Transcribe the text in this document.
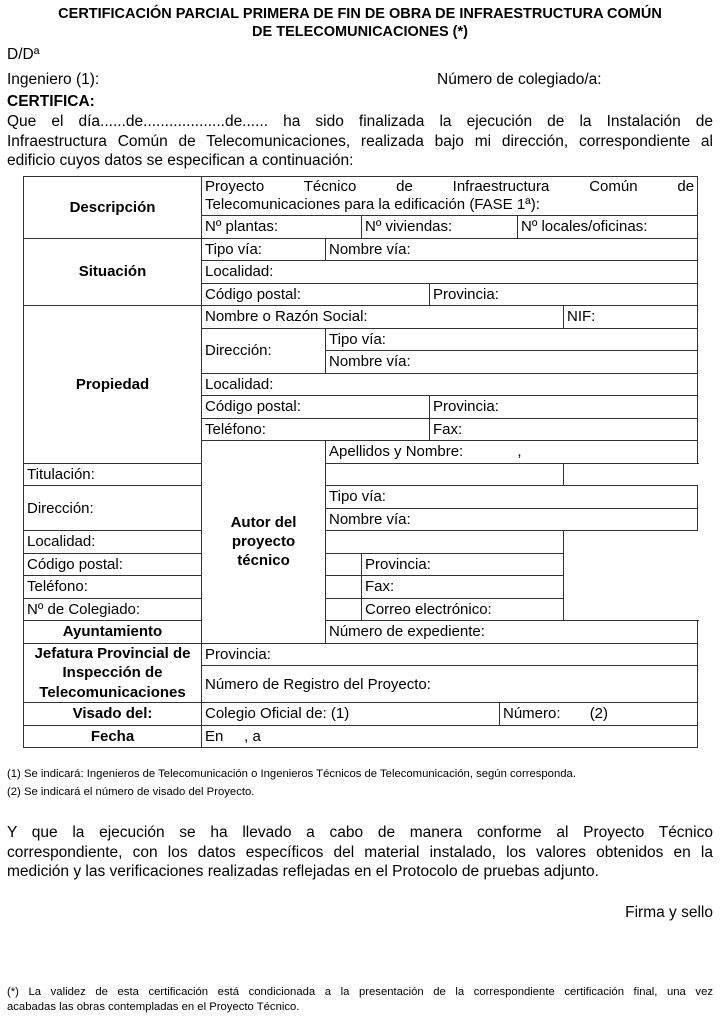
CERTIFICACIÓN PARCIAL PRIMERA DE FIN DE OBRA DE INFRAESTRUCTURA COMÚN
DE TELECOMUNICACIONES (*)
D/Dª
Ingeniero (1):	Número de colegiado/a:
CERTIFICA:
Que el día......de...................de...... ha sido finalizada la ejecución de la Instalación de
Infraestructura Común de Telecomunicaciones, realizada bajo mi dirección, correspondiente al
edificio cuyos datos se especifican a continuación:
Descripción	Proyecto Técnico de Infraestructura Común de
Telecomunicaciones para la edificación (FASE 1ª):						
	Nº plantas:		Nº viviendas:			Nº locales/oficinas:	
Situación	Tipo vía:	Nombre vía:					
	Localidad:						
	Código postal:			Provincia:			
Propiedad	Nombre o Razón Social:						NIF:
	Dirección:	Tipo vía:					
		Nombre vía:					
	Localidad:						
	Código postal:			Provincia:			
	Teléfono:			Fax:			
	Autor del proyecto técnico	Apellidos y Nombre:             ,					
Titulación:							
Dirección:		Tipo vía:					
		Nombre vía:					
Localidad:							
Código postal:			Provincia:				
Teléfono:			Fax:				
Nº de Colegiado:			Correo electrónico:				
Ayuntamiento		Número de expediente:					
Jefatura Provincial de Inspección de Telecomunicaciones	Provincia:						
	Número de Registro del Proyecto:						
Visado del:	Colegio Oficial de: (1)				Número:       (2)		
Fecha	En     , a						
(1) Se indicará: Ingenieros de Telecomunicación o Ingenieros Técnicos de Telecomunicación, según corresponda.
(2) Se indicará el número de visado del Proyecto.
Y que la ejecución se ha llevado a cabo de manera conforme al Proyecto Técnico
correspondiente, con los datos específicos del material instalado, los valores obtenidos en la
medición y las verificaciones realizadas reflejadas en el Protocolo de pruebas adjunto.
Firma y sello
(*) La validez de esta certificación está condicionada a la presentación de la correspondiente certificación final, una vez
acabadas las obras contempladas en el Proyecto Técnico.
